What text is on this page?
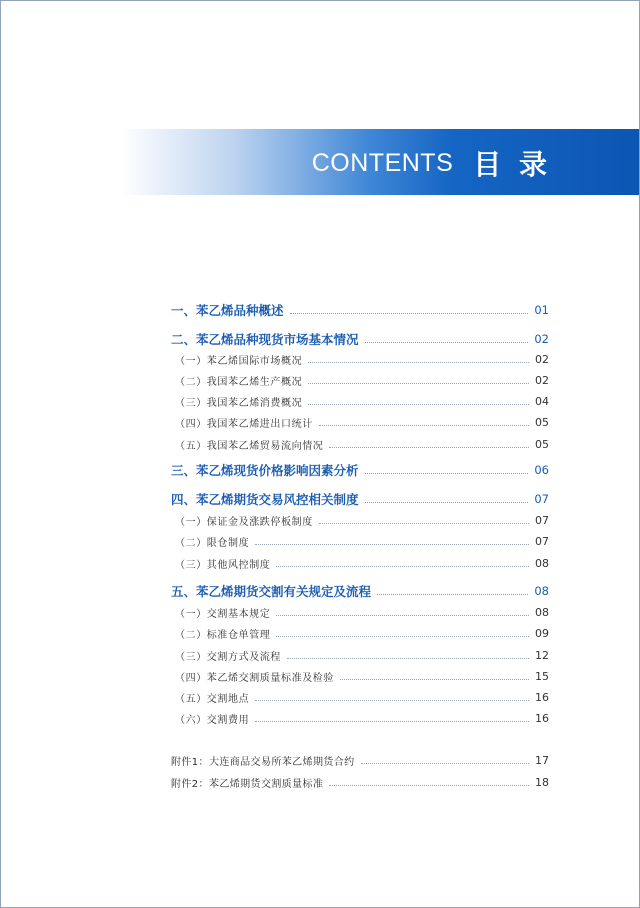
CONTENTS 目 录
一、苯乙烯品种概述	01
二、苯乙烯品种现货市场基本情况	02
（一）苯乙烯国际市场概况	02
（二）我国苯乙烯生产概况	02
（三）我国苯乙烯消费概况	04
（四）我国苯乙烯进出口统计	05
（五）我国苯乙烯贸易流向情况	05
三、苯乙烯现货价格影响因素分析	06
四、苯乙烯期货交易风控相关制度	07
（一）保证金及涨跌停板制度	07
（二）限仓制度	07
（三）其他风控制度	08
五、苯乙烯期货交割有关规定及流程	08
（一）交割基本规定	08
（二）标准仓单管理	09
（三）交割方式及流程	12
（四）苯乙烯交割质量标准及检验	15
（五）交割地点	16
（六）交割费用	16
附件1：大连商品交易所苯乙烯期货合约	17
附件2：苯乙烯期货交割质量标准	18
